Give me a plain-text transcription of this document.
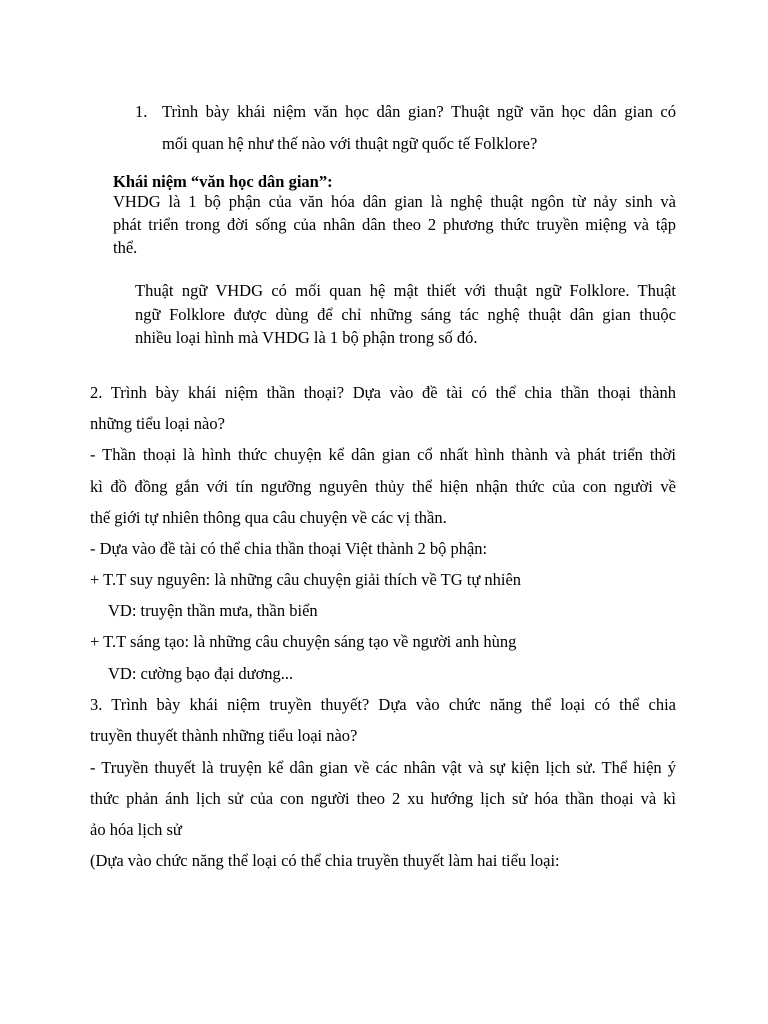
1. Trình bày khái niệm văn học dân gian? Thuật ngữ văn học dân gian có
mối quan hệ như thế nào với thuật ngữ quốc tế Folklore?
Khái niệm “văn học dân gian”:
VHDG là 1 bộ phận của văn hóa dân gian là nghệ thuật ngôn từ nảy sinh và
phát triển trong đời sống của nhân dân theo 2 phương thức truyền miệng và tập
thể.
Thuật ngữ VHDG có mối quan hệ mật thiết với thuật ngữ Folklore. Thuật
ngữ Folklore được dùng để chỉ những sáng tác nghệ thuật dân gian thuộc
nhiều loại hình mà VHDG là 1 bộ phận trong số đó.
2. Trình bày khái niệm thần thoại? Dựa vào đề tài có thể chia thần thoại thành
những tiểu loại nào?
- Thần thoại là hình thức chuyện kể dân gian cổ nhất hình thành và phát triển thời
kì đồ đồng gắn với tín ngưỡng nguyên thủy thể hiện nhận thức của con người về
thế giới tự nhiên thông qua câu chuyện về các vị thần.
- Dựa vào đề tài có thể chia thần thoại Việt thành 2 bộ phận:
+ T.T suy nguyên: là những câu chuyện giải thích về TG tự nhiên
VD: truyện thần mưa, thần biển
+ T.T sáng tạo: là những câu chuyện sáng tạo về người anh hùng
VD: cường bạo đại dương...
3. Trình bày khái niệm truyền thuyết? Dựa vào chức năng thể loại có thể chia
truyền thuyết thành những tiểu loại nào?
- Truyền thuyết là truyện kể dân gian về các nhân vật và sự kiện lịch sử. Thể hiện ý
thức phản ánh lịch sử của con người theo 2 xu hướng lịch sử hóa thần thoại và kì
ảo hóa lịch sử
(Dựa vào chức năng thể loại có thể chia truyền thuyết làm hai tiểu loại:
